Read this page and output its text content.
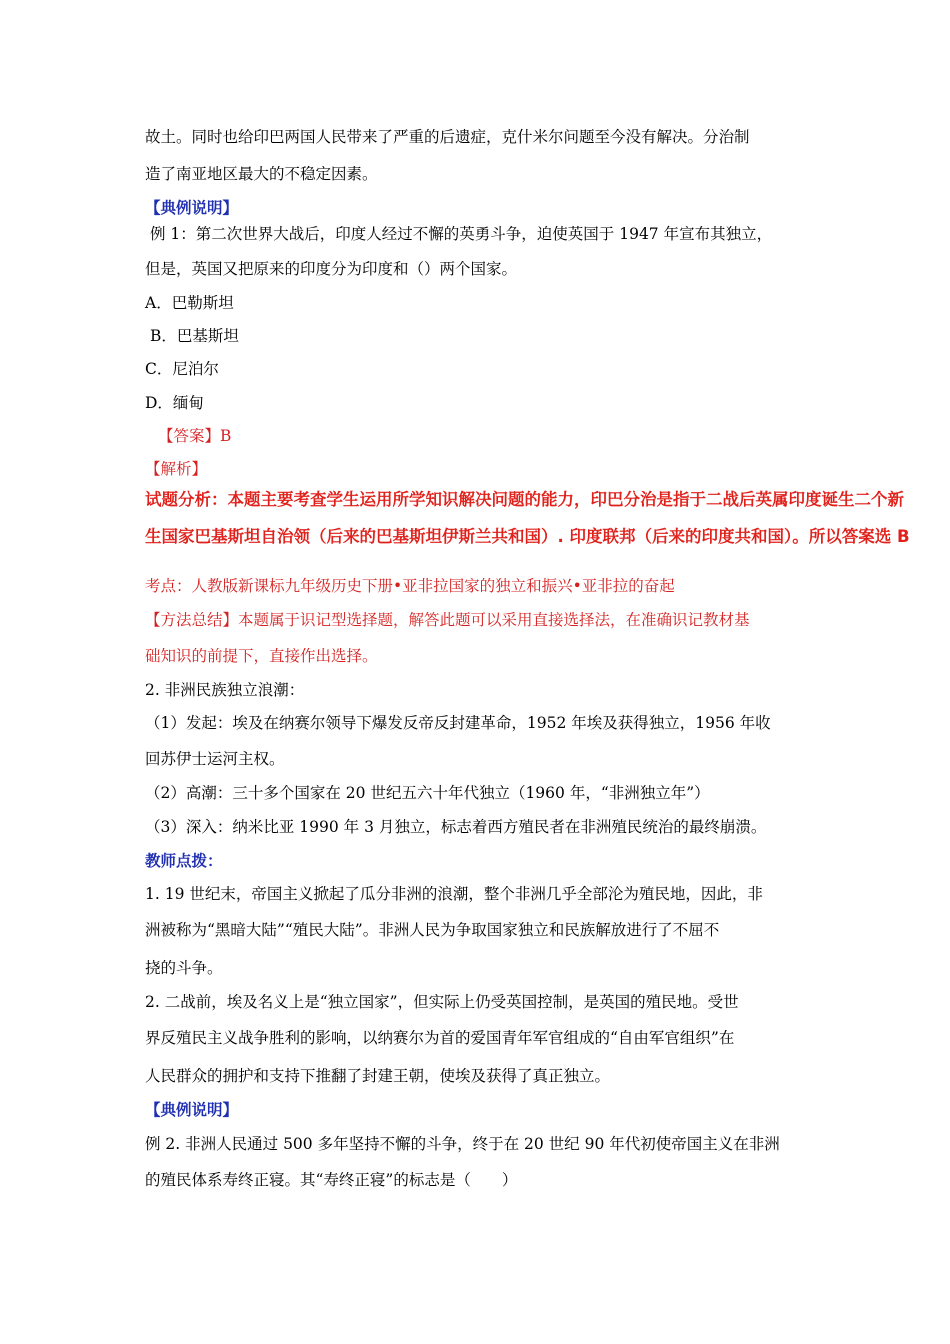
故土。同时也给印巴两国人民带来了严重的后遗症，克什米尔问题至今没有解决。分治制
造了南亚地区最大的不稳定因素。
【典例说明】
例 1：第二次世界大战后，印度人经过不懈的英勇斗争，迫使英国于 1947 年宣布其独立，
但是，英国又把原来的印度分为印度和（）两个国家。
A．巴勒斯坦
B．巴基斯坦
C．尼泊尔
D．缅甸
【答案】B
【解析】
试题分析：本题主要考查学生运用所学知识解决问题的能力，印巴分治是指于二战后英属印度诞生二个新
生国家巴基斯坦自治领（后来的巴基斯坦伊斯兰共和国）. 印度联邦（后来的印度共和国）。所以答案选 B
考点：人教版新课标九年级历史下册•亚非拉国家的独立和振兴•亚非拉的奋起
【方法总结】本题属于识记型选择题，解答此题可以采用直接选择法，在准确识记教材基
础知识的前提下，直接作出选择。
2. 非洲民族独立浪潮：
（1）发起：埃及在纳赛尔领导下爆发反帝反封建革命，1952 年埃及获得独立，1956 年收
回苏伊士运河主权。
（2）高潮：三十多个国家在 20 世纪五六十年代独立（1960 年，“非洲独立年”）
（3）深入：纳米比亚 1990 年 3 月独立，标志着西方殖民者在非洲殖民统治的最终崩溃。
教师点拨：
1. 19 世纪末，帝国主义掀起了瓜分非洲的浪潮，整个非洲几乎全部沦为殖民地，因此，非
洲被称为“黑暗大陆”“殖民大陆”。非洲人民为争取国家独立和民族解放进行了不屈不
挠的斗争。
2. 二战前，埃及名义上是“独立国家”，但实际上仍受英国控制，是英国的殖民地。受世
界反殖民主义战争胜利的影响，以纳赛尔为首的爱国青年军官组成的“自由军官组织”在
人民群众的拥护和支持下推翻了封建王朝，使埃及获得了真正独立。
【典例说明】
例 2. 非洲人民通过 500 多年坚持不懈的斗争，终于在 20 世纪 90 年代初使帝国主义在非洲
的殖民体系寿终正寝。其“寿终正寝”的标志是（　　）
